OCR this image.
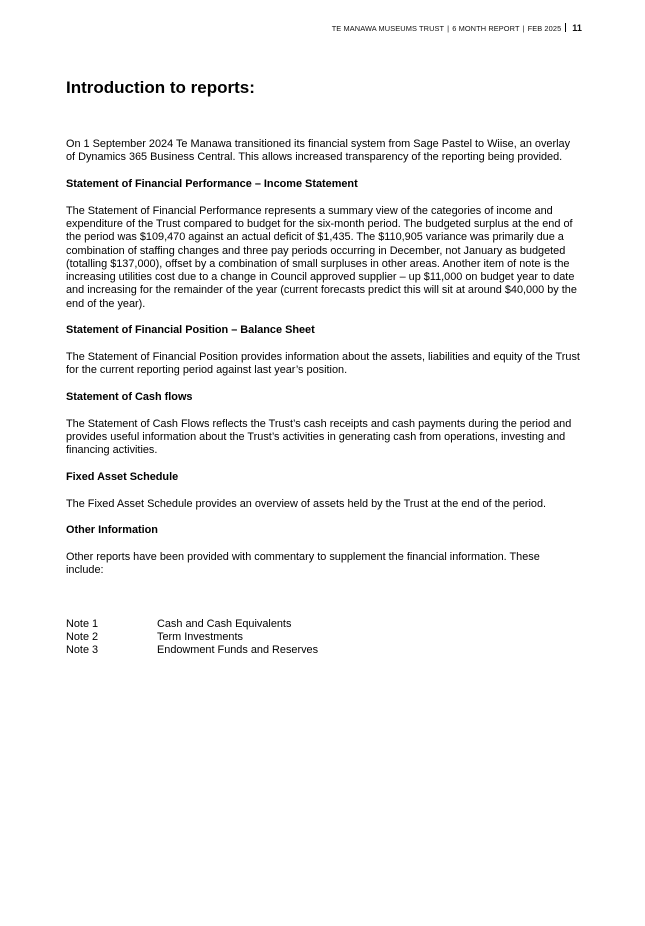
TE MANAWA MUSEUMS TRUST | 6 MONTH REPORT | FEB 2025 11
Introduction to reports:

On 1 September 2024 Te Manawa transitioned its financial system from Sage Pastel to Wiise, an overlay of Dynamics 365 Business Central. This allows increased transparency of the reporting being provided.

Statement of Financial Performance – Income Statement

The Statement of Financial Performance represents a summary view of the categories of income and expenditure of the Trust compared to budget for the six-month period. The budgeted surplus at the end of the period was $109,470 against an actual deficit of $1,435. The $110,905 variance was primarily due a combination of staffing changes and three pay periods occurring in December, not January as budgeted (totalling $137,000), offset by a combination of small surpluses in other areas. Another item of note is the increasing utilities cost due to a change in Council approved supplier – up $11,000 on budget year to date and increasing for the remainder of the year (current forecasts predict this will sit at around $40,000 by the end of the year).

Statement of Financial Position – Balance Sheet

The Statement of Financial Position provides information about the assets, liabilities and equity of the Trust for the current reporting period against last year’s position.

Statement of Cash flows

The Statement of Cash Flows reflects the Trust’s cash receipts and cash payments during the period and provides useful information about the Trust’s activities in generating cash from operations, investing and financing activities.

Fixed Asset Schedule

The Fixed Asset Schedule provides an overview of assets held by the Trust at the end of the period.

Other Information

Other reports have been provided with commentary to supplement the financial information. These include:

Note 1	Cash and Cash Equivalents
Note 2	Term Investments
Note 3	Endowment Funds and Reserves
